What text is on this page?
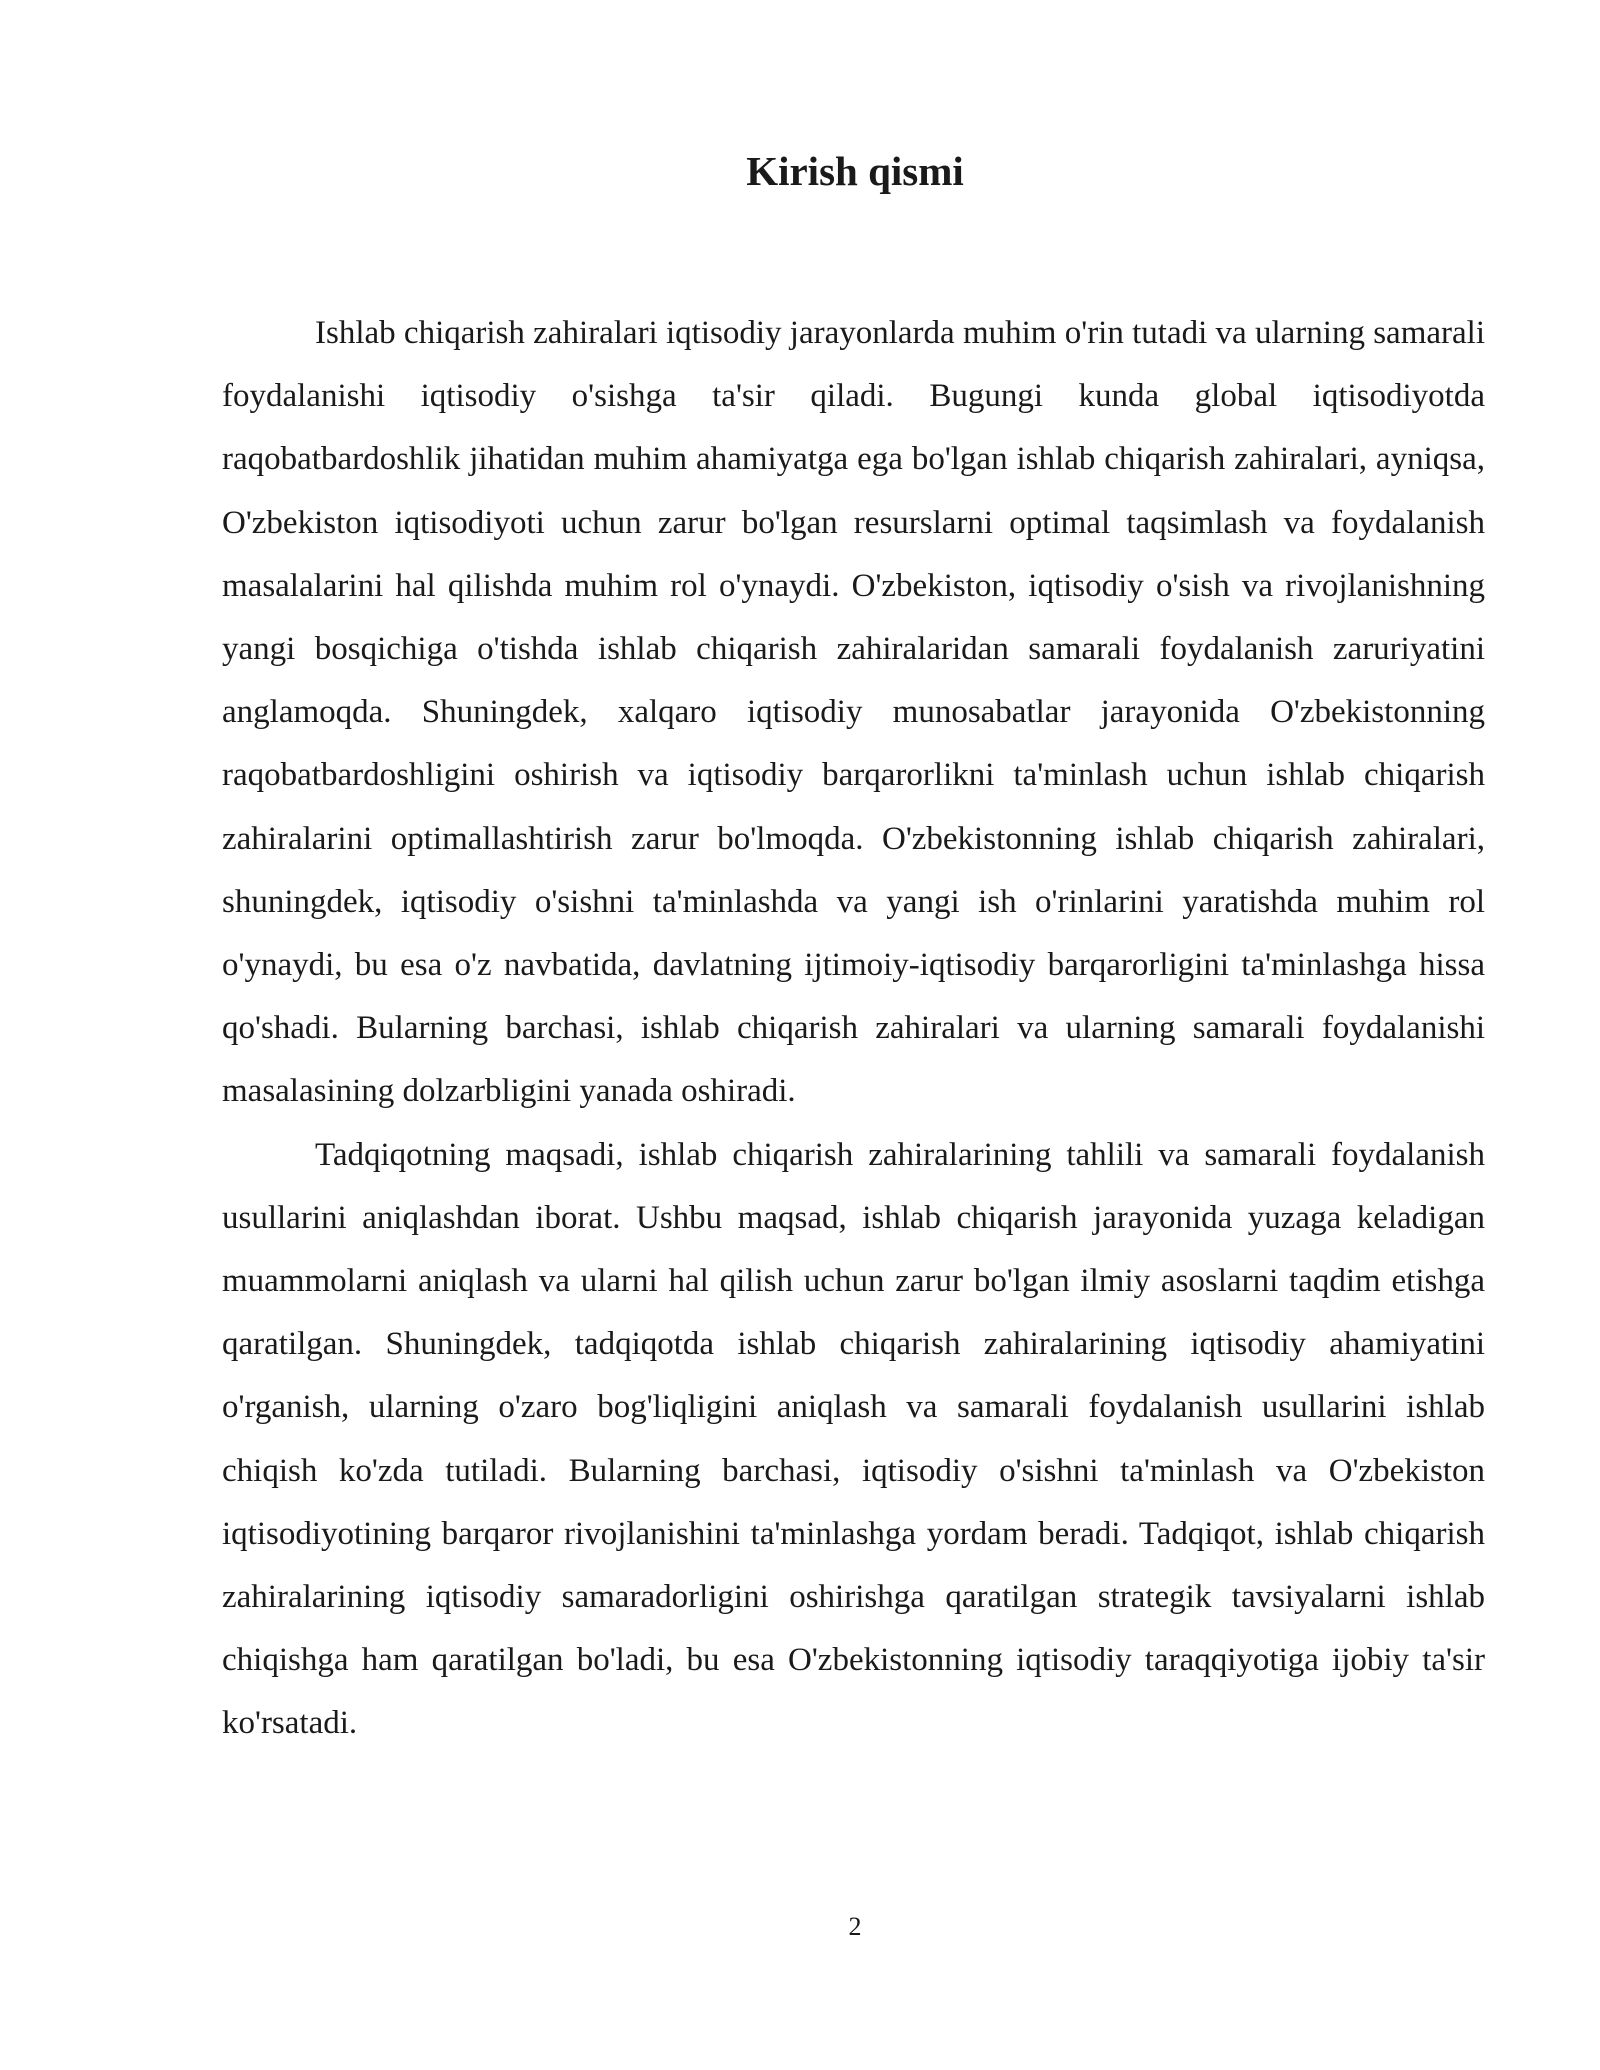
Kirish qismi

Ishlab chiqarish zahiralari iqtisodiy jarayonlarda muhim o'rin tutadi va ularning samarali foydalanishi iqtisodiy o'sishga ta'sir qiladi. Bugungi kunda global iqtisodiyotda raqobatbardoshlik jihatidan muhim ahamiyatga ega bo'lgan ishlab chiqarish zahiralari, ayniqsa, O'zbekiston iqtisodiyoti uchun zarur bo'lgan resurslarni optimal taqsimlash va foydalanish masalalarini hal qilishda muhim rol o'ynaydi. O'zbekiston, iqtisodiy o'sish va rivojlanishning yangi bosqichiga o'tishda ishlab chiqarish zahiralaridan samarali foydalanish zaruriyatini anglamoqda. Shuningdek, xalqaro iqtisodiy munosabatlar jarayonida O'zbekistonning raqobatbardoshligini oshirish va iqtisodiy barqarorlikni ta'minlash uchun ishlab chiqarish zahiralarini optimallashtirish zarur bo'lmoqda. O'zbekistonning ishlab chiqarish zahiralari, shuningdek, iqtisodiy o'sishni ta'minlashda va yangi ish o'rinlarini yaratishda muhim rol o'ynaydi, bu esa o'z navbatida, davlatning ijtimoiy-iqtisodiy barqarorligini ta'minlashga hissa qo'shadi. Bularning barchasi, ishlab chiqarish zahiralari va ularning samarali foydalanishi masalasining dolzarbligini yanada oshiradi.

Tadqiqotning maqsadi, ishlab chiqarish zahiralarining tahlili va samarali foydalanish usullarini aniqlashdan iborat. Ushbu maqsad, ishlab chiqarish jarayonida yuzaga keladigan muammolarni aniqlash va ularni hal qilish uchun zarur bo'lgan ilmiy asoslarni taqdim etishga qaratilgan. Shuningdek, tadqiqotda ishlab chiqarish zahiralarining iqtisodiy ahamiyatini o'rganish, ularning o'zaro bog'liqligini aniqlash va samarali foydalanish usullarini ishlab chiqish ko'zda tutiladi. Bularning barchasi, iqtisodiy o'sishni ta'minlash va O'zbekiston iqtisodiyotining barqaror rivojlanishini ta'minlashga yordam beradi. Tadqiqot, ishlab chiqarish zahiralarining iqtisodiy samaradorligini oshirishga qaratilgan strategik tavsiyalarni ishlab chiqishga ham qaratilgan bo'ladi, bu esa O'zbekistonning iqtisodiy taraqqiyotiga ijobiy ta'sir ko'rsatadi.

2
